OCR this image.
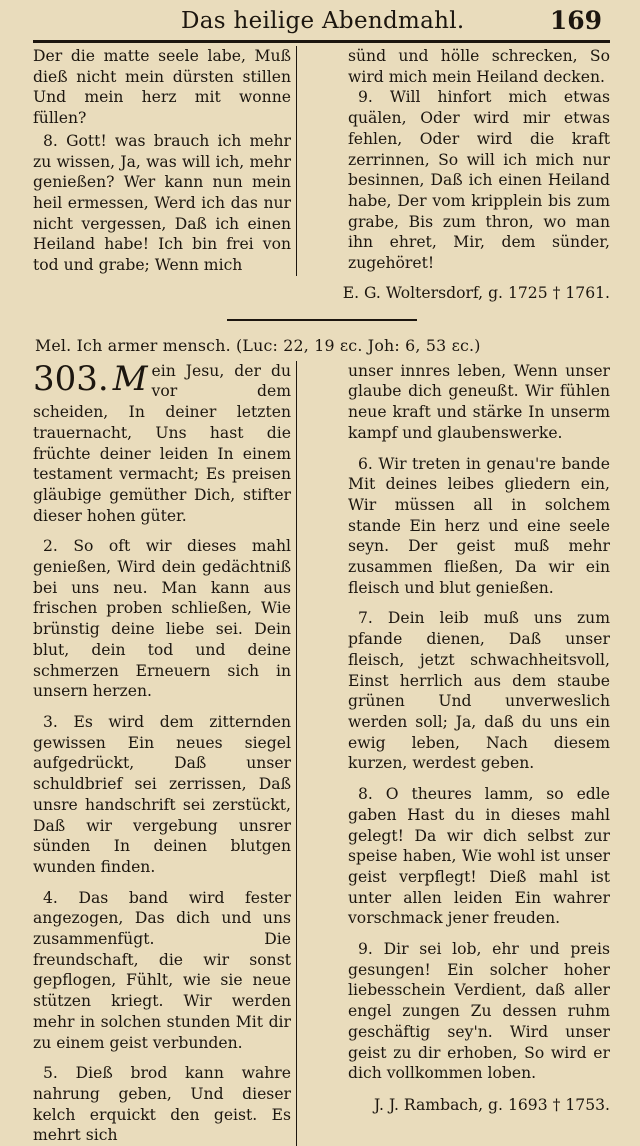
Das heilige Abendmahl.	169

Der die matte seele labe, Muß dieß nicht mein dürsten stillen Und mein herz mit wonne füllen?

8. Gott! was brauch ich mehr zu wissen, Ja, was will ich, mehr genießen? Wer kann nun mein heil ermessen, Werd ich das nur nicht vergessen, Daß ich einen Heiland habe! Ich bin frei von tod und grabe; Wenn mich

sünd und hölle schrecken, So wird mich mein Heiland decken.

9. Will hinfort mich etwas quälen, Oder wird mir etwas fehlen, Oder wird die kraft zerrinnen, So will ich mich nur besinnen, Daß ich einen Heiland habe, Der vom kripplein bis zum grabe, Bis zum thron, wo man ihn ehret, Mir, dem sünder, zugehöret!

E. G. Woltersdorf, g. 1725 † 1761.

Mel. Ich armer mensch. (Luc: 22, 19 ɛc. Joh: 6, 53 ɛc.)

303. M ein Jesu, der du vor dem scheiden, In deiner letzten trauernacht, Uns hast die früchte deiner leiden In einem testament vermacht; Es preisen gläubige gemüther Dich, stifter dieser hohen güter.

2. So oft wir dieses mahl genießen, Wird dein gedächtniß bei uns neu. Man kann aus frischen proben schließen, Wie brünstig deine liebe sei. Dein blut, dein tod und deine schmerzen Erneuern sich in unsern herzen.

3. Es wird dem zitternden gewissen Ein neues siegel aufgedrückt, Daß unser schuldbrief sei zerrissen, Daß unsre handschrift sei zerstückt, Daß wir vergebung unsrer sünden In deinen blutgen wunden finden.

4. Das band wird fester angezogen, Das dich und uns zusammenfügt. Die freundschaft, die wir sonst gepflogen, Fühlt, wie sie neue stützen kriegt. Wir werden mehr in solchen stunden Mit dir zu einem geist verbunden.

5. Dieß brod kann wahre nahrung geben, Und dieser kelch erquickt den geist. Es mehrt sich

unser innres leben, Wenn unser glaube dich geneußt. Wir fühlen neue kraft und stärke In unserm kampf und glaubenswerke.

6. Wir treten in genau're bande Mit deines leibes gliedern ein, Wir müssen all in solchem stande Ein herz und eine seele seyn. Der geist muß mehr zusammen fließen, Da wir ein fleisch und blut genießen.

7. Dein leib muß uns zum pfande dienen, Daß unser fleisch, jetzt schwachheitsvoll, Einst herrlich aus dem staube grünen Und unverweslich werden soll; Ja, daß du uns ein ewig leben, Nach diesem kurzen, werdest geben.

8. O theures lamm, so edle gaben Hast du in dieses mahl gelegt! Da wir dich selbst zur speise haben, Wie wohl ist unser geist verpflegt! Dieß mahl ist unter allen leiden Ein wahrer vorschmack jener freuden.

9. Dir sei lob, ehr und preis gesungen! Ein solcher hoher liebesschein Verdient, daß aller engel zungen Zu dessen ruhm geschäftig sey'n. Wird unser geist zu dir erhoben, So wird er dich vollkommen loben.

J. J. Rambach, g. 1693 † 1753.
